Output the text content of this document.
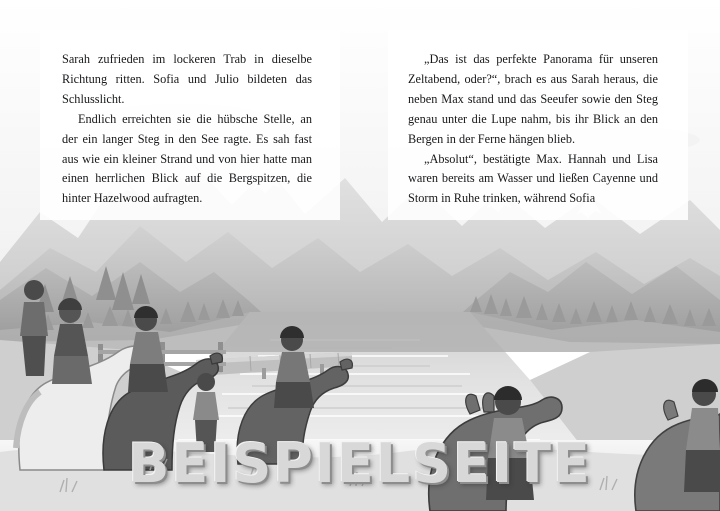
Sarah zufrieden im lockeren Trab in dieselbe Richtung ritten. Sofia und Julio bildeten das Schlusslicht.

Endlich erreichten sie die hübsche Stelle, an der ein langer Steg in den See ragte. Es sah fast aus wie ein kleiner Strand und von hier hatte man einen herrlichen Blick auf die Bergspitzen, die hinter Hazelwood aufragten.

„Das ist das perfekte Panorama für unseren Zeltabend, oder?“, brach es aus Sarah heraus, die neben Max stand und das Seeufer sowie den Steg genau unter die Lupe nahm, bis ihr Blick an den Bergen in der Ferne hängen blieb.

„Absolut“, bestätigte Max. Hannah und Lisa waren bereits am Wasser und ließen Cayenne und Storm in Ruhe trinken, während Sofia

BEISPIELSEITE
